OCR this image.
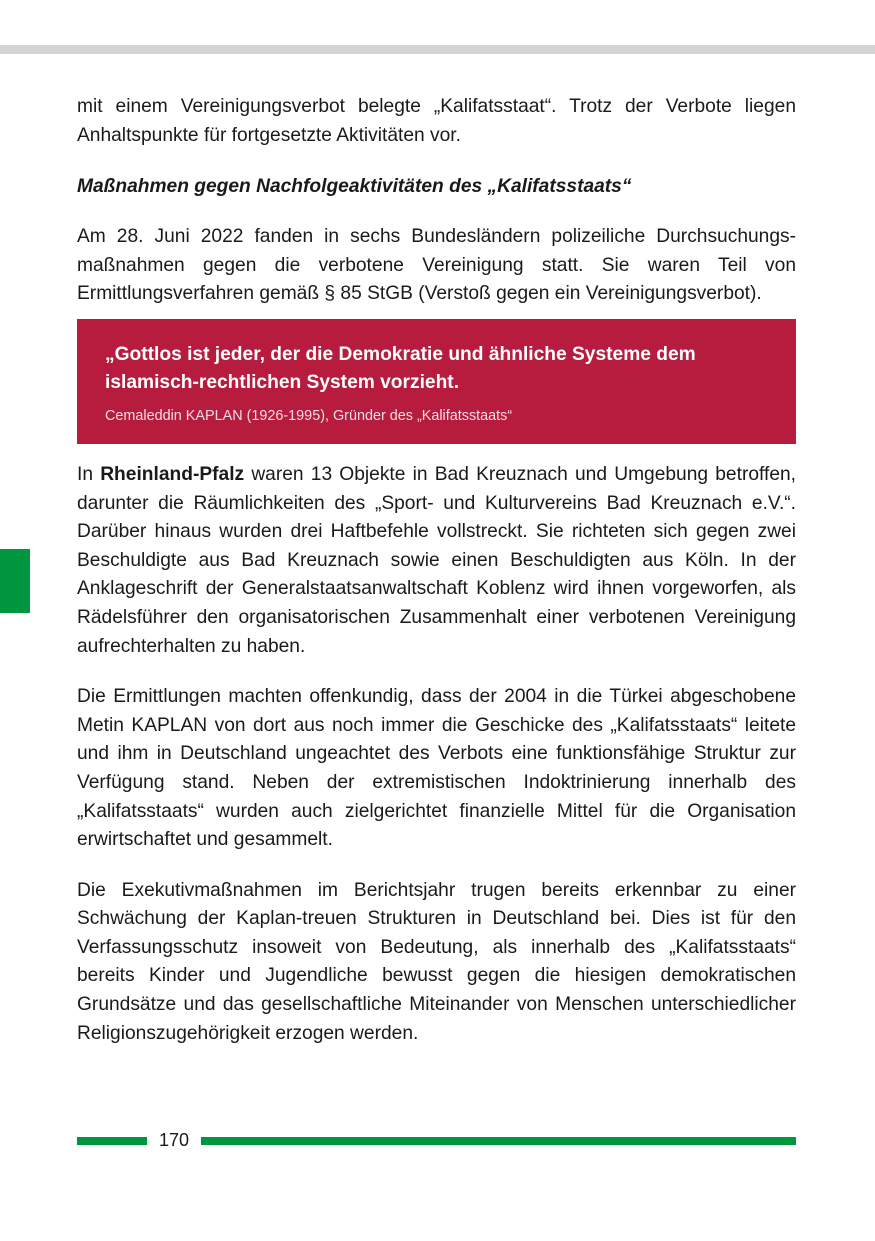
mit einem Vereinigungsverbot belegte „Kalifatsstaat“. Trotz der Verbote liegen Anhaltspunkte für fortgesetzte Aktivitäten vor.

Maßnahmen gegen Nachfolgeaktivitäten des „Kalifatsstaats“

Am 28. Juni 2022 fanden in sechs Bundesländern polizeiliche Durchsuchungsmaßnahmen gegen die verbotene Vereinigung statt. Sie waren Teil von Ermittlungsverfahren gemäß § 85 StGB (Verstoß gegen ein Vereinigungsverbot).

„Gottlos ist jeder, der die Demokratie und ähnliche Systeme dem islamisch-rechtlichen System vorzieht.
Cemaleddin KAPLAN (1926-1995), Gründer des „Kalifatsstaats“

In Rheinland-Pfalz waren 13 Objekte in Bad Kreuznach und Umgebung betroffen, darunter die Räumlichkeiten des „Sport- und Kulturvereins Bad Kreuznach e.V.“. Darüber hinaus wurden drei Haftbefehle vollstreckt. Sie richteten sich gegen zwei Beschuldigte aus Bad Kreuznach sowie einen Beschuldigten aus Köln. In der Anklageschrift der Generalstaatsanwaltschaft Koblenz wird ihnen vorgeworfen, als Rädelsführer den organisatorischen Zusammenhalt einer verbotenen Vereinigung aufrechterhalten zu haben.

Die Ermittlungen machten offenkundig, dass der 2004 in die Türkei abgeschobene Metin KAPLAN von dort aus noch immer die Geschicke des „Kalifatsstaats“ leitete und ihm in Deutschland ungeachtet des Verbots eine funktionsfähige Struktur zur Verfügung stand. Neben der extremistischen Indoktrinierung innerhalb des „Kalifatsstaats“ wurden auch zielgerichtet finanzielle Mittel für die Organisation erwirtschaftet und gesammelt.

Die Exekutivmaßnahmen im Berichtsjahr trugen bereits erkennbar zu einer Schwächung der Kaplan-treuen Strukturen in Deutschland bei. Dies ist für den Verfassungsschutz insoweit von Bedeutung, als innerhalb des „Kalifatsstaats“ bereits Kinder und Jugendliche bewusst gegen die hiesigen demokratischen Grundsätze und das gesellschaftliche Miteinander von Menschen unterschiedlicher Religionszugehörigkeit erzogen werden.

170
